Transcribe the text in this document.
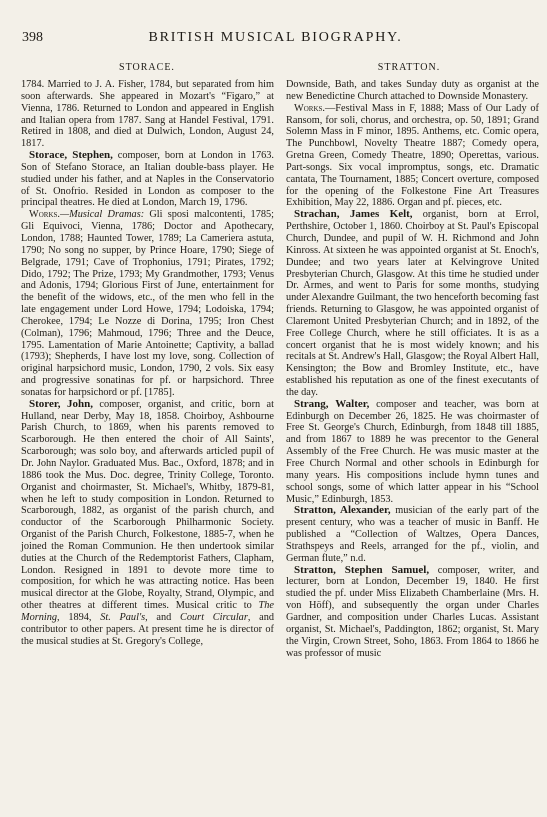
398	BRITISH MUSICAL BIOGRAPHY.
STORACE.	STRATTON.

1784. Married to J. A. Fisher, 1784, but separated from him soon afterwards. She appeared in Mozart's “Figaro,” at Vienna, 1786. Returned to London and appeared in English and Italian opera from 1787. Sang at Handel Festival, 1791. Retired in 1808, and died at Dulwich, London, August 24, 1817.

Storace, Stephen, composer, born at London in 1763. Son of Stefano Storace, an Italian double-bass player. He studied under his father, and at Naples in the Conservatorio of St. Onofrio. Resided in London as composer to the principal theatres. He died at London, March 19, 1796.

Works.—Musical Dramas: Gli sposi malcontenti, 1785; Gli Equivoci, Vienna, 1786; Doctor and Apothecary, London, 1788; Haunted Tower, 1789; La Cameriera astuta, 1790; No song no supper, by Prince Hoare, 1790; Siege of Belgrade, 1791; Cave of Trophonius, 1791; Pirates, 1792; Dido, 1792; The Prize, 1793; My Grandmother, 1793; Venus and Adonis, 1794; Glorious First of June, entertainment for the benefit of the widows, etc., of the men who fell in the late engagement under Lord Howe, 1794; Lodoiska, 1794; Cherokee, 1794; Le Nozze di Dorina, 1795; Iron Chest (Colman), 1796; Mahmoud, 1796; Three and the Deuce, 1795. Lamentation of Marie Antoinette; Captivity, a ballad (1793); Shepherds, I have lost my love, song. Collection of original harpsichord music, London, 1790, 2 vols. Six easy and progressive sonatinas for pf. or harpsichord. Three sonatas for harpsichord or pf. [1785].

Storer, John, composer, organist, and critic, born at Hulland, near Derby, May 18, 1858. Choirboy, Ashbourne Parish Church, to 1869, when his parents removed to Scarborough. He then entered the choir of All Saints', Scarborough; was solo boy, and afterwards articled pupil of Dr. John Naylor. Graduated Mus. Bac., Oxford, 1878; and in 1886 took the Mus. Doc. degree, Trinity College, Toronto. Organist and choirmaster, St. Michael's, Whitby, 1879-81, when he left to study composition in London. Returned to Scarborough, 1882, as organist of the parish church, and conductor of the Scarborough Philharmonic Society. Organist of the Parish Church, Folkestone, 1885-7, when he joined the Roman Communion. He then undertook similar duties at the Church of the Redemptorist Fathers, Clapham, London. Resigned in 1891 to devote more time to composition, for which he was attracting notice. Has been musical director at the Globe, Royalty, Strand, Olympic, and other theatres at different times. Musical critic to The Morning, 1894, St. Paul's, and Court Circular, and contributor to other papers. At present time he is director of the musical studies at St. Gregory's College,

Downside, Bath, and takes Sunday duty as organist at the new Benedictine Church attached to Downside Monastery.

Works.—Festival Mass in F, 1888; Mass of Our Lady of Ransom, for soli, chorus, and orchestra, op. 50, 1891; Grand Solemn Mass in F minor, 1895. Anthems, etc. Comic opera, The Punchbowl, Novelty Theatre 1887; Comedy opera, Gretna Green, Comedy Theatre, 1890; Operettas, various. Part-songs. Six vocal impromptus, songs, etc. Dramatic cantata, The Tournament, 1885; Concert overture, composed for the opening of the Folkestone Fine Art Treasures Exhibition, May 22, 1886. Organ and pf. pieces, etc.

Strachan, James Kelt, organist, born at Errol, Perthshire, October 1, 1860. Choirboy at St. Paul's Episcopal Church, Dundee, and pupil of W. H. Richmond and John Kinross. At sixteen he was appointed organist at St. Enoch's, Dundee; and two years later at Kelvingrove United Presbyterian Church, Glasgow. At this time he studied under Dr. Armes, and went to Paris for some months, studying under Alexandre Guilmant, the two henceforth becoming fast friends. Returning to Glasgow, he was appointed organist of Claremont United Presbyterian Church; and in 1892, of the Free College Church, where he still officiates. It is as a concert organist that he is most widely known; and his recitals at St. Andrew's Hall, Glasgow; the Royal Albert Hall, Kensington; the Bow and Bromley Institute, etc., have established his reputation as one of the finest executants of the day.

Strang, Walter, composer and teacher, was born at Edinburgh on December 26, 1825. He was choirmaster of Free St. George's Church, Edinburgh, from 1848 till 1885, and from 1867 to 1889 he was precentor to the General Assembly of the Free Church. He was music master at the Free Church Normal and other schools in Edinburgh for many years. His compositions include hymn tunes and school songs, some of which latter appear in his “School Music,” Edinburgh, 1853.

Stratton, Alexander, musician of the early part of the present century, who was a teacher of music in Banff. He published a “Collection of Waltzes, Opera Dances, Strathspeys and Reels, arranged for the pf., violin, and German flute,” n.d.

Stratton, Stephen Samuel, composer, writer, and lecturer, born at London, December 19, 1840. He first studied the pf. under Miss Elizabeth Chamberlaine (Mrs. H. von Höff), and subsequently the organ under Charles Gardner, and composition under Charles Lucas. Assistant organist, St. Michael's, Paddington, 1862; organist, St. Mary the Virgin, Crown Street, Soho, 1863. From 1864 to 1866 he was professor of music
